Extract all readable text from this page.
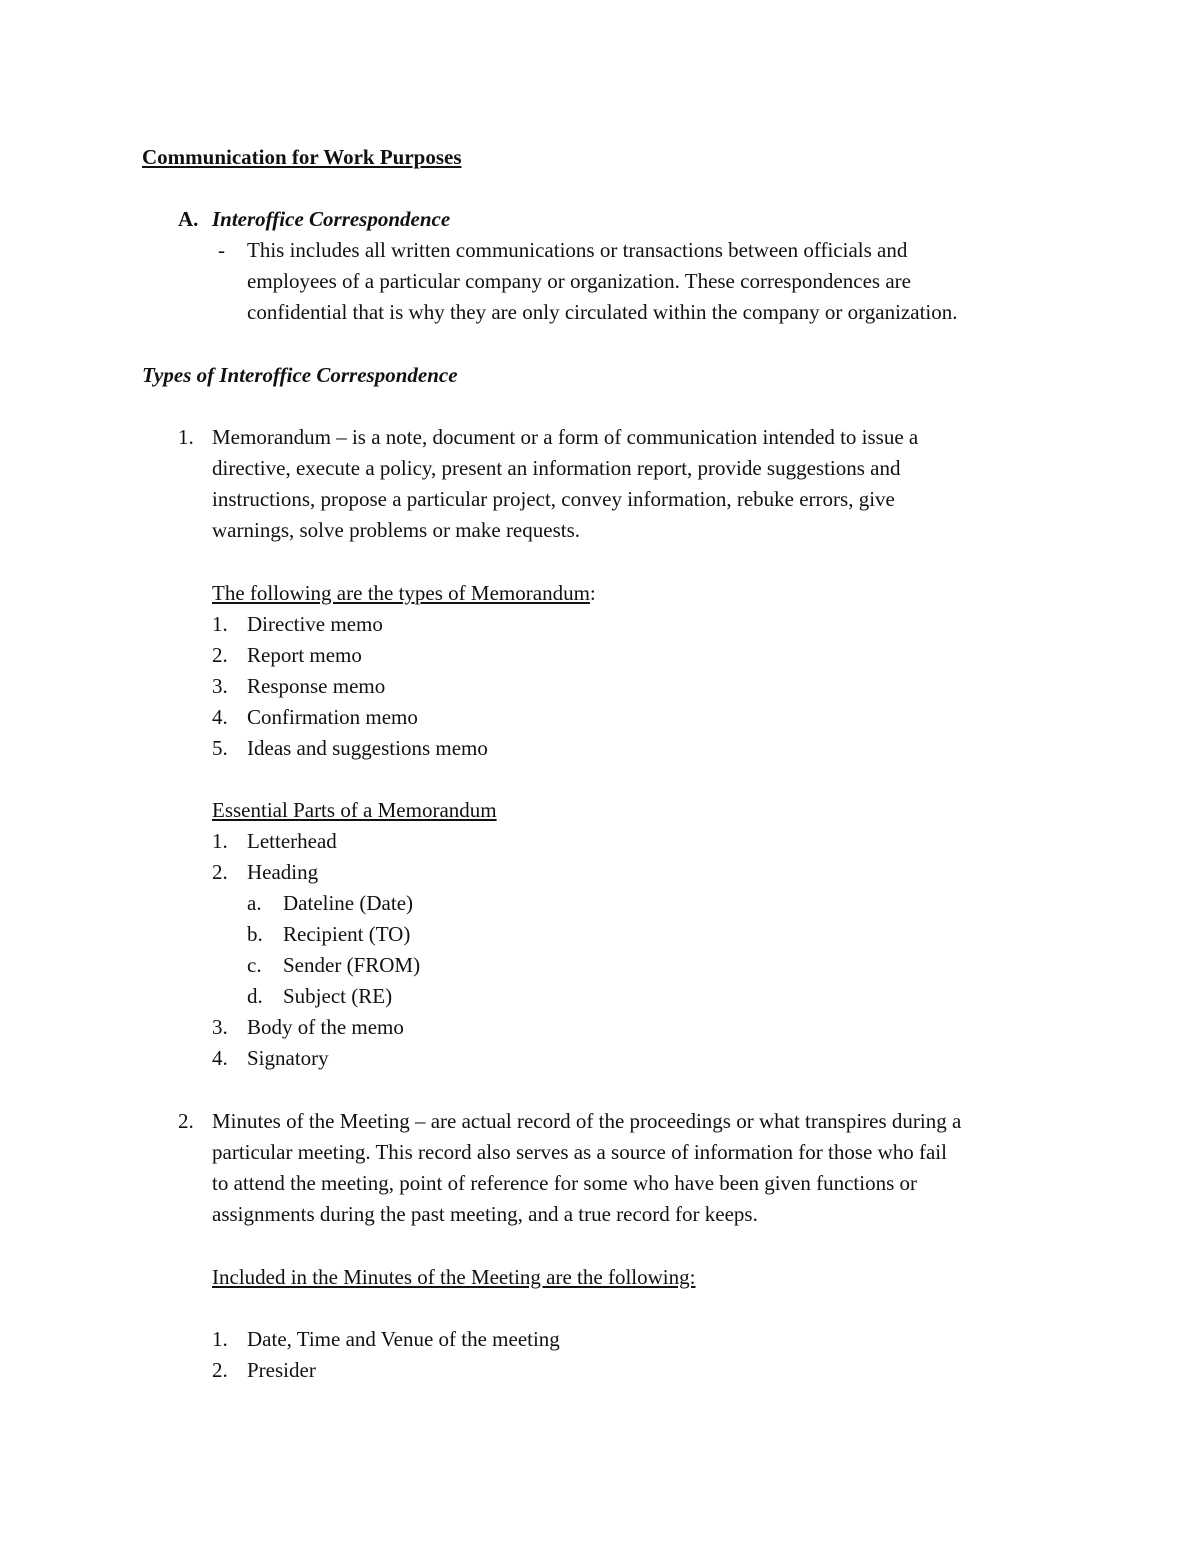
Communication for Work Purposes
A. Interoffice Correspondence
- This includes all written communications or transactions between officials and
employees of a particular company or organization. These correspondences are
confidential that is why they are only circulated within the company or organization.
Types of Interoffice Correspondence
1. Memorandum – is a note, document or a form of communication intended to issue a
directive, execute a policy, present an information report, provide suggestions and
instructions, propose a particular project, convey information, rebuke errors, give
warnings, solve problems or make requests.
The following are the types of Memorandum:
1. Directive memo
2. Report memo
3. Response memo
4. Confirmation memo
5. Ideas and suggestions memo
Essential Parts of a Memorandum
1. Letterhead
2. Heading
a. Dateline (Date)
b. Recipient (TO)
c. Sender (FROM)
d. Subject (RE)
3. Body of the memo
4. Signatory
2. Minutes of the Meeting – are actual record of the proceedings or what transpires during a
particular meeting. This record also serves as a source of information for those who fail
to attend the meeting, point of reference for some who have been given functions or
assignments during the past meeting, and a true record for keeps.
Included in the Minutes of the Meeting are the following:
1. Date, Time and Venue of the meeting
2. Presider
